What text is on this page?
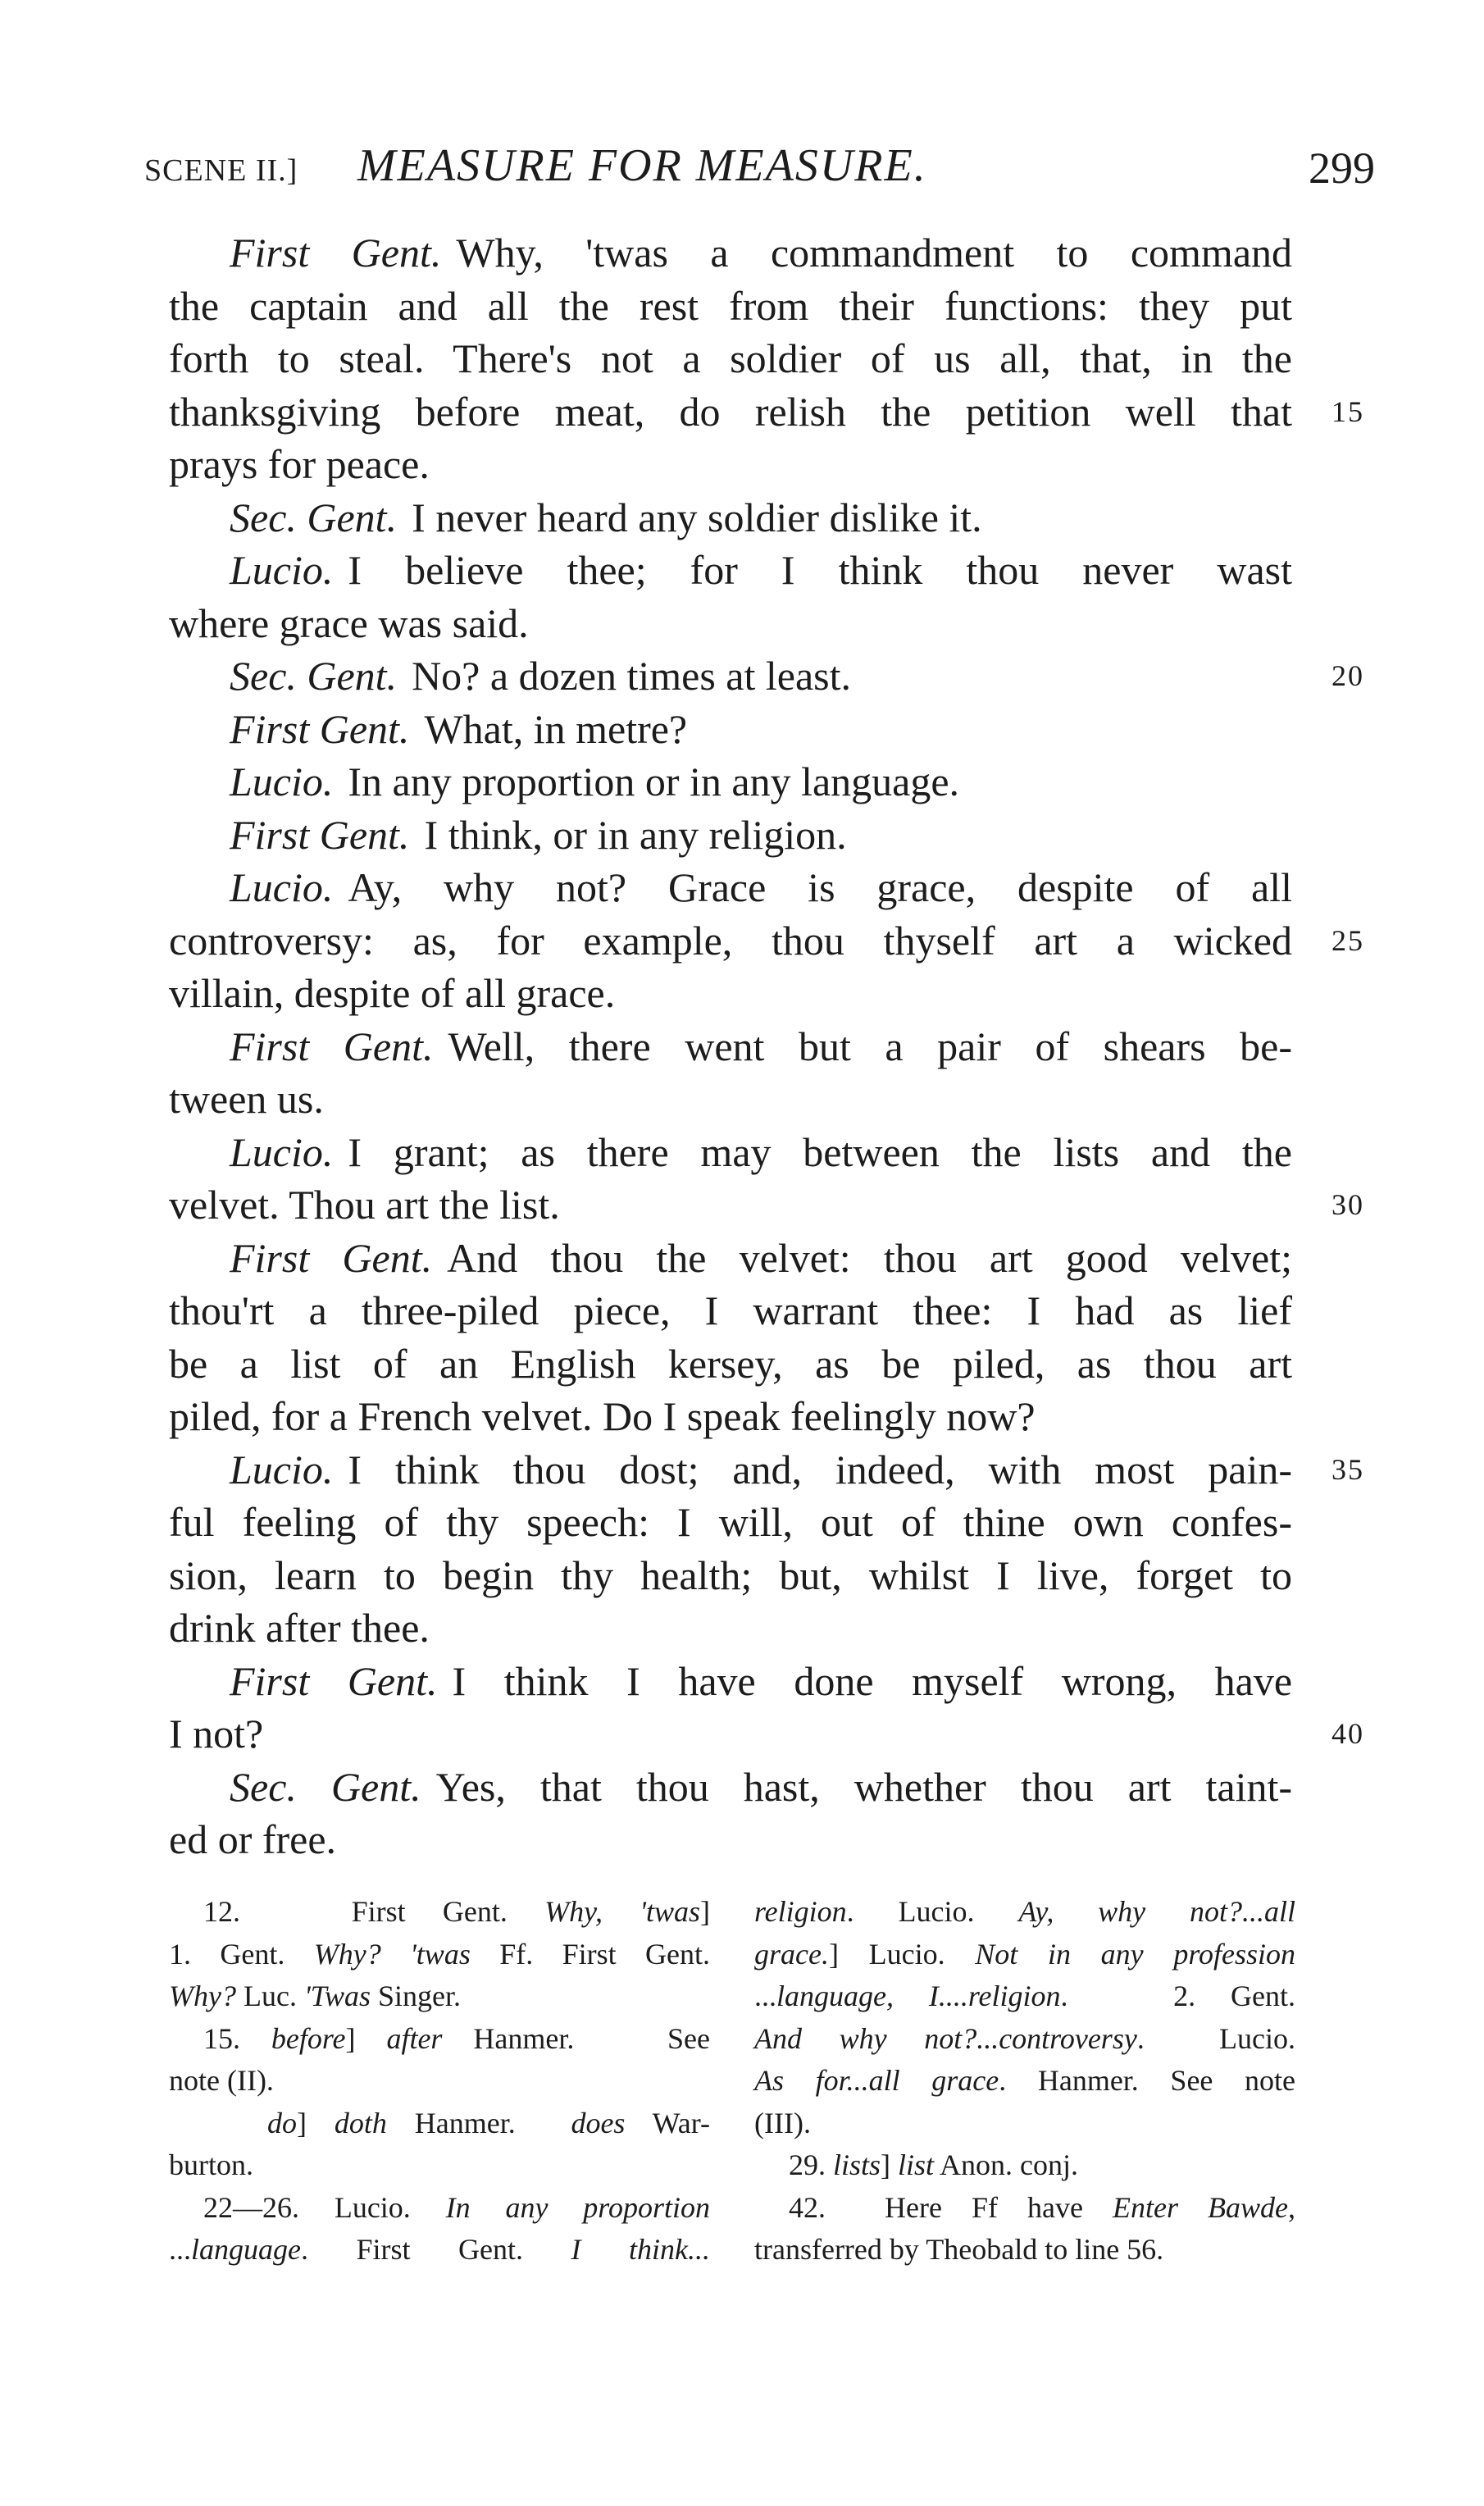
SCENE II.] MEASURE FOR MEASURE.	299
First Gent. Why, 'twas a commandment to command
the captain and all the rest from their functions: they put
forth to steal. There's not a soldier of us all, that, in the
thanksgiving before meat, do relish the petition well that 15
prays for peace.
Sec. Gent. I never heard any soldier dislike it.
Lucio. I believe thee; for I think thou never wast
where grace was said.
Sec. Gent. No? a dozen times at least.	20
First Gent. What, in metre?
Lucio. In any proportion or in any language.
First Gent. I think, or in any religion.
Lucio. Ay, why not? Grace is grace, despite of all
controversy: as, for example, thou thyself art a wicked 25
villain, despite of all grace.
First Gent. Well, there went but a pair of shears be-
tween us.
Lucio. I grant; as there may between the lists and the
velvet. Thou art the list.	30
First Gent. And thou the velvet: thou art good velvet;
thou'rt a three-piled piece, I warrant thee: I had as lief
be a list of an English kersey, as be piled, as thou art
piled, for a French velvet. Do I speak feelingly now?
Lucio. I think thou dost; and, indeed, with most pain- 35
ful feeling of thy speech: I will, out of thine own confes-
sion, learn to begin thy health; but, whilst I live, forget to
drink after thee.
First Gent. I think I have done myself wrong, have
I not?	40
Sec. Gent. Yes, that thou hast, whether thou art taint-
ed or free.
12.   First Gent. Why, 'twas]
1. Gent. Why? 'twas Ff. First Gent.
Why? Luc. 'Twas Singer.
15. before] after Hanmer.   See
note (II).
do] doth Hanmer.  does War-
burton.
22—26. Lucio. In any proportion
...language. First Gent. I think...
religion. Lucio. Ay, why not?...all
grace.] Lucio. Not in any profession
...language, I....religion.   2. Gent.
And why not?...controversy.  Lucio.
As for...all grace. Hanmer. See note
(III).
29. lists] list Anon. conj.
42.  Here Ff have Enter Bawde,
transferred by Theobald to line 56.
